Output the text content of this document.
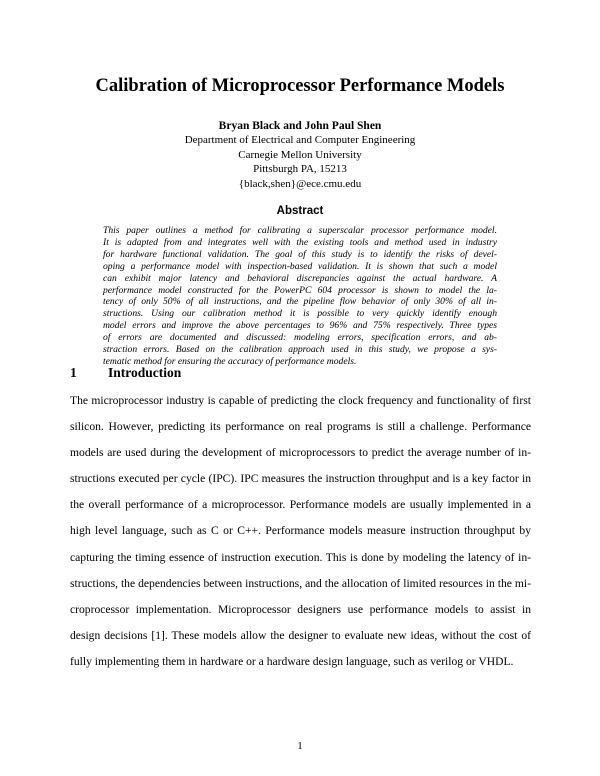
Calibration of Microprocessor Performance Models
Bryan Black and John Paul Shen
Department of Electrical and Computer Engineering
Carnegie Mellon University
Pittsburgh PA, 15213
{black,shen}@ece.cmu.edu
Abstract
This paper outlines a method for calibrating a superscalar processor performance model.
It is adapted from and integrates well with the existing tools and method used in industry
for hardware functional validation. The goal of this study is to identify the risks of devel-
oping a performance model with inspection-based validation. It is shown that such a model
can exhibit major latency and behavioral discrepancies against the actual hardware. A
performance model constructed for the PowerPC 604 processor is shown to model the la-
tency of only 50% of all instructions, and the pipeline flow behavior of only 30% of all in-
structions. Using our calibration method it is possible to very quickly identify enough
model errors and improve the above percentages to 96% and 75% respectively. Three types
of errors are documented and discussed: modeling errors, specification errors, and ab-
straction errors. Based on the calibration approach used in this study, we propose a sys-
tematic method for ensuring the accuracy of performance models.
1 Introduction
The microprocessor industry is capable of predicting the clock frequency and functionality of first
silicon. However, predicting its performance on real programs is still a challenge. Performance
models are used during the development of microprocessors to predict the average number of in-
structions executed per cycle (IPC). IPC measures the instruction throughput and is a key factor in
the overall performance of a microprocessor. Performance models are usually implemented in a
high level language, such as C or C++. Performance models measure instruction throughput by
capturing the timing essence of instruction execution. This is done by modeling the latency of in-
structions, the dependencies between instructions, and the allocation of limited resources in the mi-
croprocessor implementation. Microprocessor designers use performance models to assist in
design decisions [1]. These models allow the designer to evaluate new ideas, without the cost of
fully implementing them in hardware or a hardware design language, such as verilog or VHDL.
1
